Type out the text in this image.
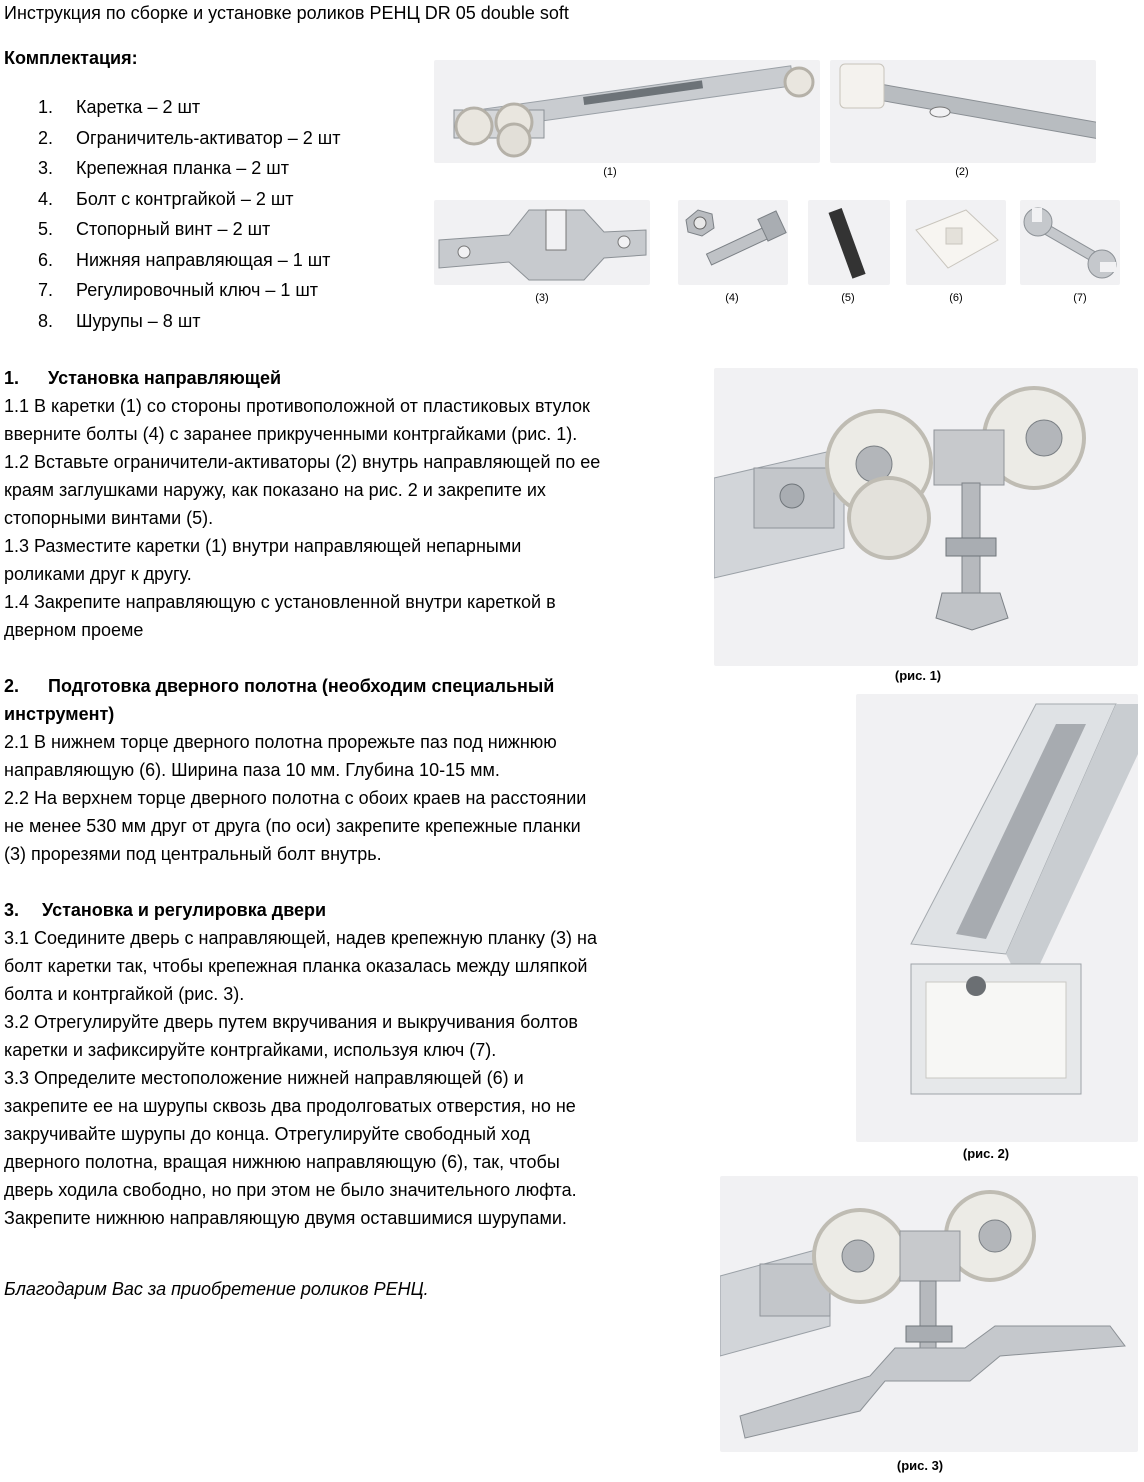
Инструкция по сборке и установке роликов РЕНЦ DR 05 double soft
Комплектация:
1. Каретка – 2 шт
2. Ограничитель-активатор – 2 шт
3. Крепежная планка – 2 шт
4. Болт с контргайкой – 2 шт
5. Стопорный винт – 2 шт
6. Нижняя направляющая – 1 шт
7. Регулировочный ключ – 1 шт
8. Шурупы – 8 шт
(1)	(2)
(3)	(4)	(5)	(6)	(7)
1. Установка направляющей
1.1 В каретки (1) со стороны противоположной от пластиковых втулок
вверните болты (4) с заранее прикрученными контргайками (рис. 1).
1.2 Вставьте ограничители-активаторы (2) внутрь направляющей по ее
краям заглушками наружу, как показано на рис. 2 и закрепите их
стопорными винтами (5).
1.3 Разместите каретки (1) внутри направляющей непарными
роликами друг к другу.
1.4 Закрепите направляющую с установленной внутри кареткой в
дверном проеме
(рис. 1)
2. Подготовка дверного полотна (необходим специальный
инструмент)
2.1 В нижнем торце дверного полотна прорежьте паз под нижнюю
направляющую (6). Ширина паза 10 мм. Глубина 10-15 мм.
2.2 На верхнем торце дверного полотна с обоих краев на расстоянии
не менее 530 мм друг от друга (по оси) закрепите крепежные планки
(3) прорезями под центральный болт внутрь.
(рис. 2)
3. Установка и регулировка двери
3.1 Соедините дверь с направляющей, надев крепежную планку (3) на
болт каретки так, чтобы крепежная планка оказалась между шляпкой
болта и контргайкой (рис. 3).
3.2 Отрегулируйте дверь путем вкручивания и выкручивания болтов
каретки и зафиксируйте контргайками, используя ключ (7).
3.3 Определите местоположение нижней направляющей (6) и
закрепите ее на шурупы сквозь два продолговатых отверстия, но не
закручивайте шурупы до конца. Отрегулируйте свободный ход
дверного полотна, вращая нижнюю направляющую (6), так, чтобы
дверь ходила свободно, но при этом не было значительного люфта.
Закрепите нижнюю направляющую двумя оставшимися шурупами.
Благодарим Вас за приобретение роликов РЕНЦ.
(рис. 3)
